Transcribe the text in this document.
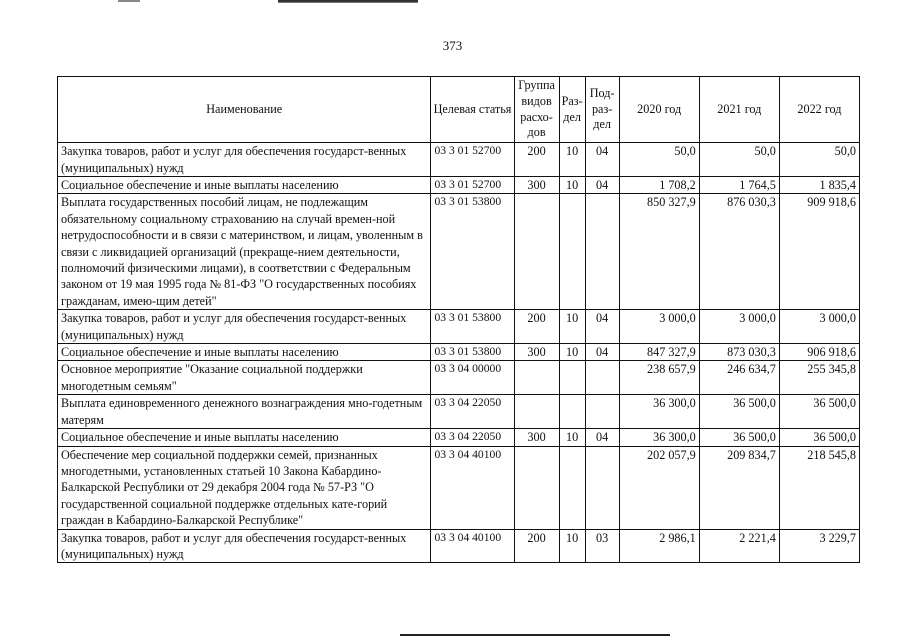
373
Наименование	Целевая статья	Группа видов расхо-дов	Раз-дел	Под-раз-дел	2020 год	2021 год	2022 год
Закупка товаров, работ и услуг для обеспечения государст-венных (муниципальных) нужд	03 3 01 52700	200	10	04	50,0	50,0	50,0
Социальное обеспечение и иные выплаты населению	03 3 01 52700	300	10	04	1 708,2	1 764,5	1 835,4
Выплата государственных пособий лицам, не подлежащим обязательному социальному страхованию на случай времен-ной нетрудоспособности и в связи с материнством, и лицам, уволенным в связи с ликвидацией организаций (прекраще-нием деятельности, полномочий физическими лицами), в соответствии с Федеральным законом от 19 мая 1995 года № 81-ФЗ "О государственных пособиях гражданам, имею-щим детей"	03 3 01 53800				850 327,9	876 030,3	909 918,6
Закупка товаров, работ и услуг для обеспечения государст-венных (муниципальных) нужд	03 3 01 53800	200	10	04	3 000,0	3 000,0	3 000,0
Социальное обеспечение и иные выплаты населению	03 3 01 53800	300	10	04	847 327,9	873 030,3	906 918,6
Основное мероприятие "Оказание социальной поддержки многодетным семьям"	03 3 04 00000				238 657,9	246 634,7	255 345,8
Выплата единовременного денежного вознаграждения мно-годетным матерям	03 3 04 22050				36 300,0	36 500,0	36 500,0
Социальное обеспечение и иные выплаты населению	03 3 04 22050	300	10	04	36 300,0	36 500,0	36 500,0
Обеспечение мер социальной поддержки семей, признанных многодетными, установленных статьей 10 Закона Кабардино-Балкарской Республики от 29 декабря 2004 года № 57-РЗ "О государственной социальной поддержке отдельных кате-горий граждан в Кабардино-Балкарской Республике"	03 3 04 40100				202 057,9	209 834,7	218 545,8
Закупка товаров, работ и услуг для обеспечения государст-венных (муниципальных) нужд	03 3 04 40100	200	10	03	2 986,1	2 221,4	3 229,7
